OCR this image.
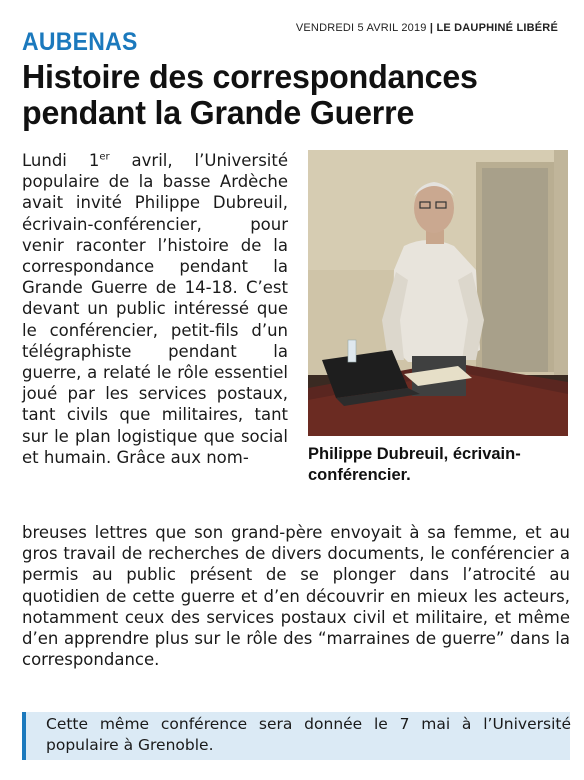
VENDREDI 5 AVRIL 2019 | LE DAUPHINÉ LIBÉRÉ
AUBENAS
Histoire des correspondances pendant la Grande Guerre
Lundi 1er avril, l’Université populaire de la basse Ardèche avait invité Philippe Dubreuil, écrivain-conférencier, pour venir raconter l’histoire de la correspondance pendant la Grande Guerre de 14-18. C’est devant un public intéressé que le conférencier, petit-fils d’un télégraphiste pendant la guerre, a relaté le rôle essentiel joué par les services postaux, tant civils que militaires, tant sur le plan logistique que social et humain. Grâce aux nom-	Philippe Dubreuil, écrivain-conférencier.
breuses lettres que son grand-père envoyait à sa femme, et au gros travail de recherches de divers documents, le conférencier a permis au public présent de se plonger dans l’atrocité au quotidien de cette guerre et d’en découvrir en mieux les acteurs, notamment ceux des services postaux civil et militaire, et même d’en apprendre plus sur le rôle des “marraines de guerre” dans la correspondance.
Cette même conférence sera donnée le 7 mai à l’Université populaire à Grenoble.
